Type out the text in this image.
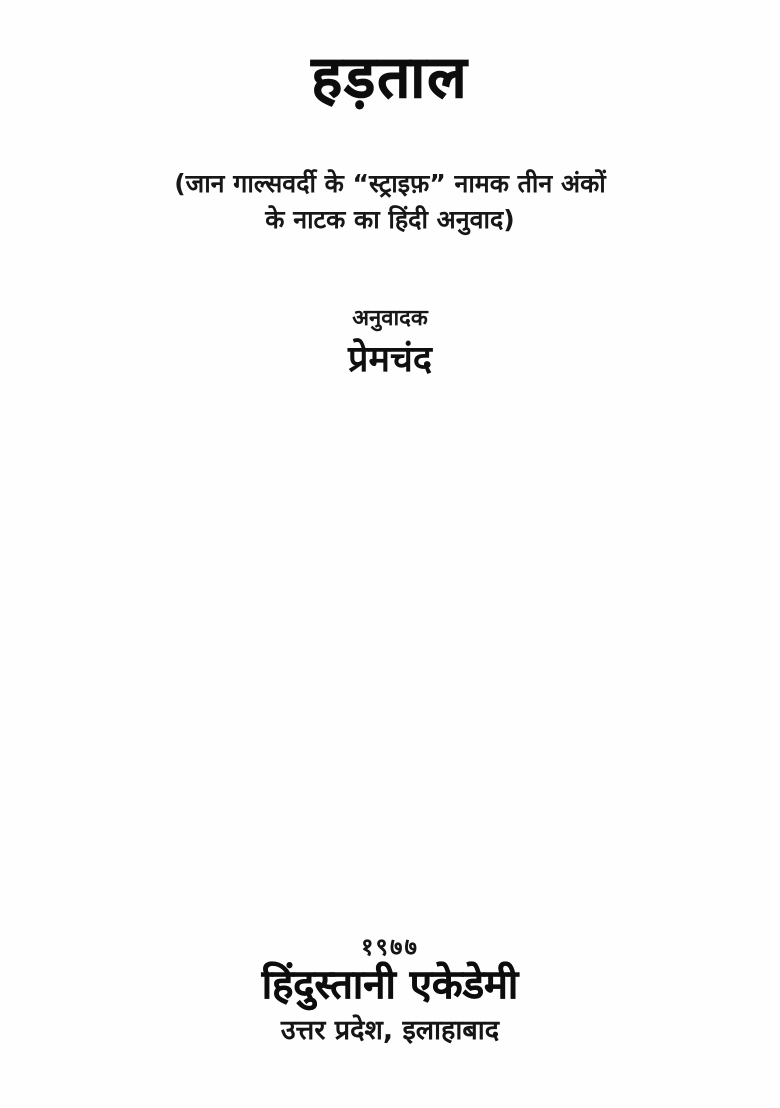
हड़ताल
(जान गाल्सवर्दी के “स्ट्राइफ़” नामक तीन अंकों
के नाटक का हिंदी अनुवाद)
अनुवादक
प्रेमचंद
१९७७
हिंदुस्तानी एकेडेमी
उत्तर प्रदेश, इलाहाबाद
